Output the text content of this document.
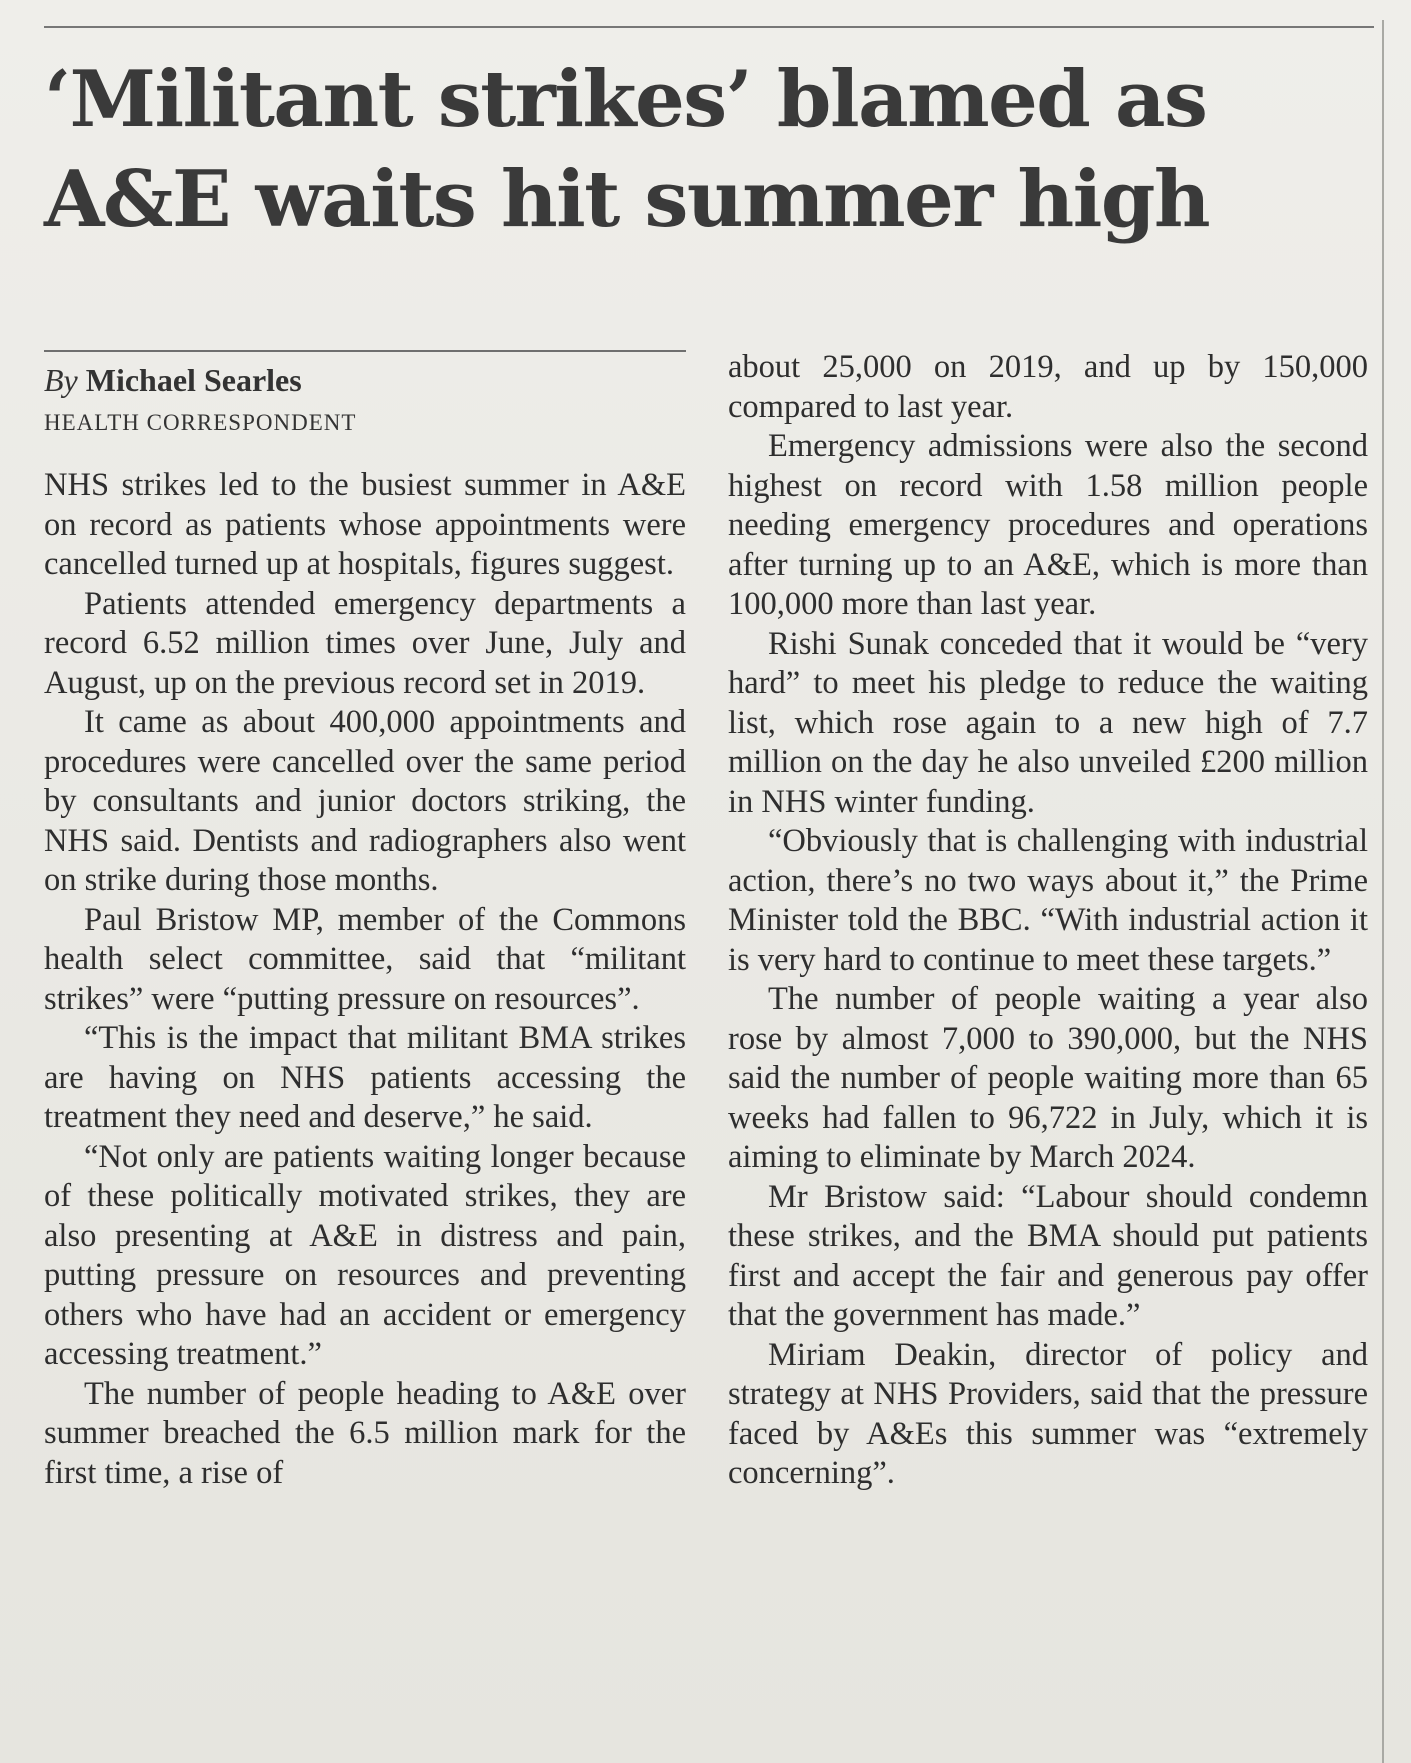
‘Militant strikes’ blamed as
A&E waits hit summer high
By Michael Searles
HEALTH CORRESPONDENT

NHS strikes led to the busiest summer in A&E on record as patients whose appointments were cancelled turned up at hospitals, figures suggest.

Patients attended emergency departments a record 6.52 million times over June, July and August, up on the previous record set in 2019.

It came as about 400,000 appointments and procedures were cancelled over the same period by consultants and junior doctors striking, the NHS said. Dentists and radiographers also went on strike during those months.

Paul Bristow MP, member of the Commons health select committee, said that “militant strikes” were “putting pressure on resources”.

“This is the impact that militant BMA strikes are having on NHS patients accessing the treatment they need and deserve,” he said.

“Not only are patients waiting longer because of these politically motivated strikes, they are also presenting at A&E in distress and pain, putting pressure on resources and preventing others who have had an accident or emergency accessing treatment.”

The number of people heading to A&E over summer breached the 6.5 million mark for the first time, a rise of

about 25,000 on 2019, and up by 150,000 compared to last year.

Emergency admissions were also the second highest on record with 1.58 million people needing emergency procedures and operations after turning up to an A&E, which is more than 100,000 more than last year.

Rishi Sunak conceded that it would be “very hard” to meet his pledge to reduce the waiting list, which rose again to a new high of 7.7 million on the day he also unveiled £200 million in NHS winter funding.

“Obviously that is challenging with industrial action, there’s no two ways about it,” the Prime Minister told the BBC. “With industrial action it is very hard to continue to meet these targets.”

The number of people waiting a year also rose by almost 7,000 to 390,000, but the NHS said the number of people waiting more than 65 weeks had fallen to 96,722 in July, which it is aiming to eliminate by March 2024.

Mr Bristow said: “Labour should condemn these strikes, and the BMA should put patients first and accept the fair and generous pay offer that the government has made.”

Miriam Deakin, director of policy and strategy at NHS Providers, said that the pressure faced by A&Es this summer was “extremely concerning”.
